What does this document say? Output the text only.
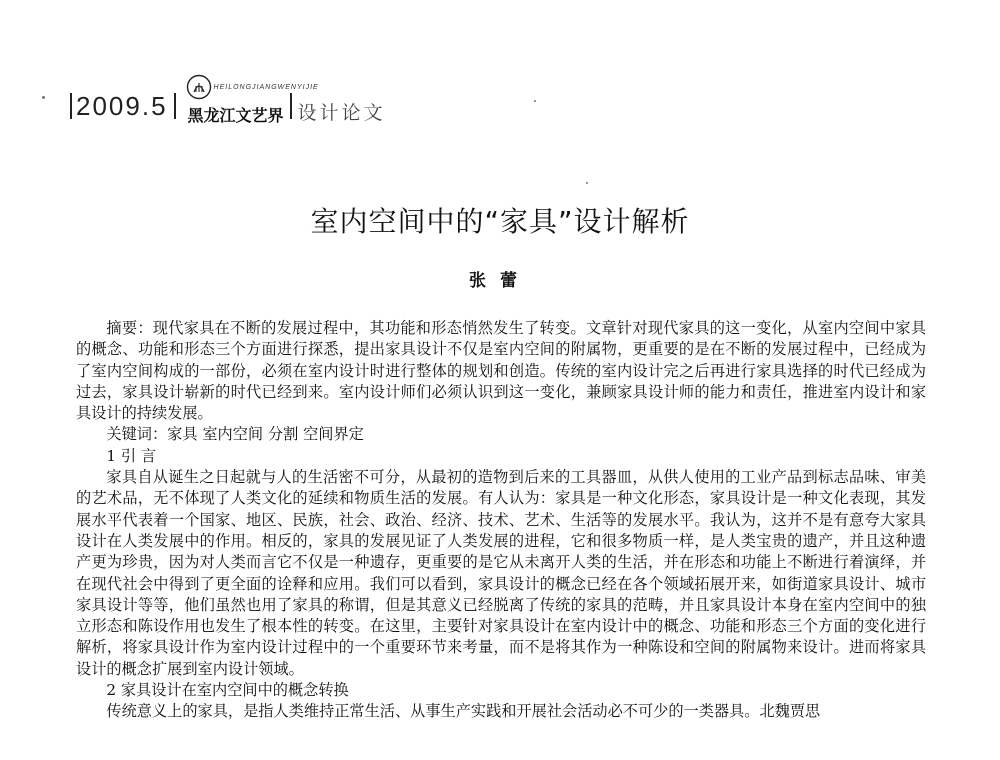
2009.5
HEILONGJIANGWENYIJIE
黑龙江文艺界 设计论文
室内空间中的“家具”设计解析
张蕾

摘要：现代家具在不断的发展过程中，其功能和形态悄然发生了转变。文章针对现代家具的这一变化，从室内空间中家具的概念、功能和形态三个方面进行探悉，提出家具设计不仅是室内空间的附属物，更重要的是在不断的发展过程中，已经成为了室内空间构成的一部份，必须在室内设计时进行整体的规划和创造。传统的室内设计完之后再进行家具选择的时代已经成为过去，家具设计崭新的时代已经到来。室内设计师们必须认识到这一变化，兼顾家具设计师的能力和责任，推进室内设计和家具设计的持续发展。

关键词：家具 室内空间 分割 空间界定

1 引 言

家具自从诞生之日起就与人的生活密不可分，从最初的造物到后来的工具器皿，从供人使用的工业产品到标志品味、审美的艺术品，无不体现了人类文化的延续和物质生活的发展。有人认为：家具是一种文化形态，家具设计是一种文化表现，其发展水平代表着一个国家、地区、民族，社会、政治、经济、技术、艺术、生活等的发展水平。我认为，这并不是有意夸大家具设计在人类发展中的作用。相反的，家具的发展见证了人类发展的进程，它和很多物质一样，是人类宝贵的遗产，并且这种遗产更为珍贵，因为对人类而言它不仅是一种遗存，更重要的是它从未离开人类的生活，并在形态和功能上不断进行着演绎，并在现代社会中得到了更全面的诠释和应用。我们可以看到，家具设计的概念已经在各个领域拓展开来，如街道家具设计、城市家具设计等等，他们虽然也用了家具的称谓，但是其意义已经脱离了传统的家具的范畴，并且家具设计本身在室内空间中的独立形态和陈设作用也发生了根本性的转变。在这里，主要针对家具设计在室内设计中的概念、功能和形态三个方面的变化进行解析，将家具设计作为室内设计过程中的一个重要环节来考量，而不是将其作为一种陈设和空间的附属物来设计。进而将家具设计的概念扩展到室内设计领域。

2 家具设计在室内空间中的概念转换

传统意义上的家具，是指人类维持正常生活、从事生产实践和开展社会活动必不可少的一类器具。北魏贾思
